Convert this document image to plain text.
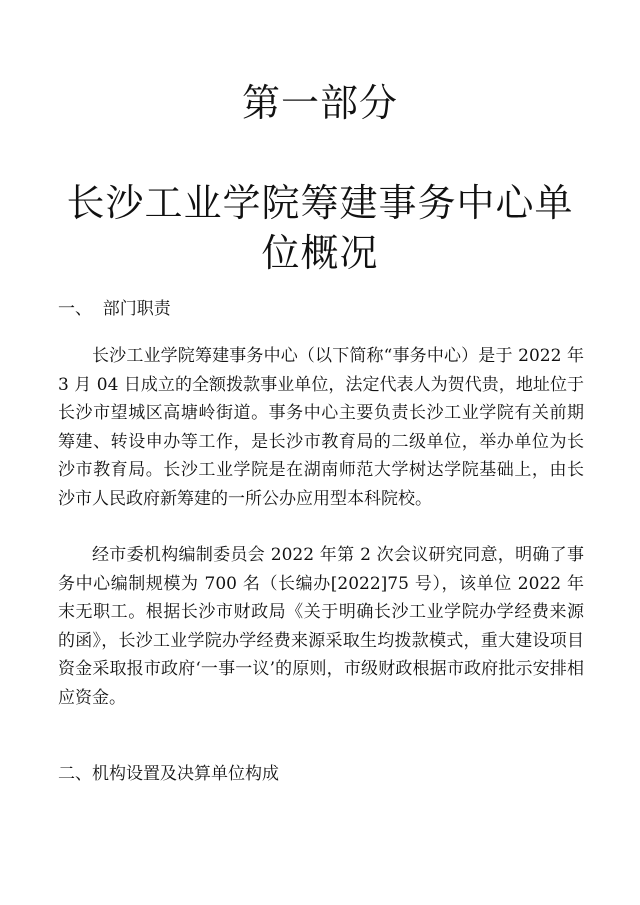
第一部分
长沙工业学院筹建事务中心单位概况
一、  部门职责

长沙工业学院筹建事务中心（以下简称“事务中心）是于 2022 年 3 月 04 日成立的全额拨款事业单位，法定代表人为贺代贵，地址位于长沙市望城区高塘岭街道。事务中心主要负责长沙工业学院有关前期筹建、转设申办等工作，是长沙市教育局的二级单位，举办单位为长沙市教育局。长沙工业学院是在湖南师范大学树达学院基础上，由长沙市人民政府新筹建的一所公办应用型本科院校。

经市委机构编制委员会 2022 年第 2 次会议研究同意，明确了事务中心编制规模为 700 名（长编办[2022]75 号），该单位 2022 年末无职工。根据长沙市财政局《关于明确长沙工业学院办学经费来源的函》，长沙工业学院办学经费来源采取生均拨款模式，重大建设项目资金采取报市政府‘一事一议’的原则，市级财政根据市政府批示安排相应资金。

二、机构设置及决算单位构成
